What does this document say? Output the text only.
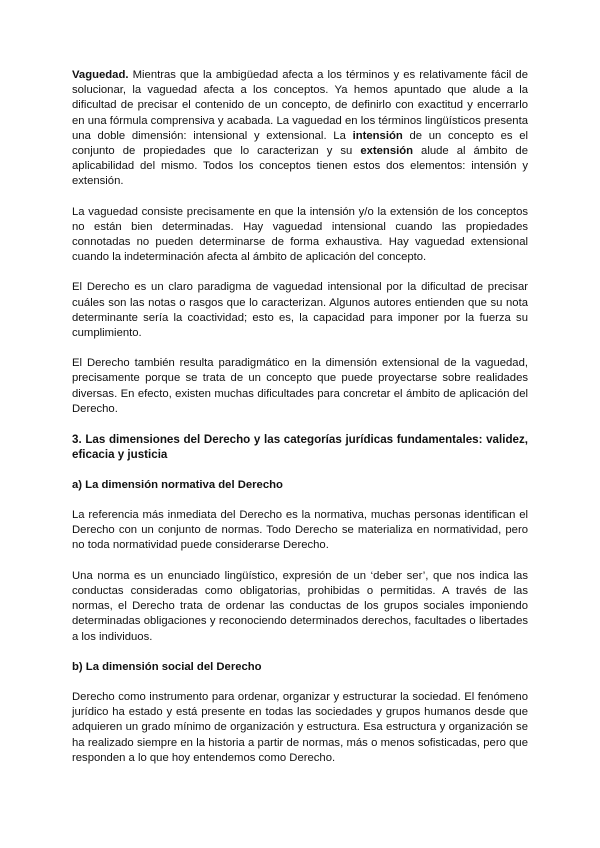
Vaguedad. Mientras que la ambigüedad afecta a los términos y es relativamente fácil de solucionar, la vaguedad afecta a los conceptos. Ya hemos apuntado que alude a la dificultad de precisar el contenido de un concepto, de definirlo con exactitud y encerrarlo en una fórmula comprensiva y acabada. La vaguedad en los términos lingüísticos presenta una doble dimensión: intensional y extensional. La intensión de un concepto es el conjunto de propiedades que lo caracterizan y su extensión alude al ámbito de aplicabilidad del mismo. Todos los conceptos tienen estos dos elementos: intensión y extensión.

La vaguedad consiste precisamente en que la intensión y/o la extensión de los conceptos no están bien determinadas. Hay vaguedad intensional cuando las propiedades connotadas no pueden determinarse de forma exhaustiva. Hay vaguedad extensional cuando la indeterminación afecta al ámbito de aplicación del concepto.

El Derecho es un claro paradigma de vaguedad intensional por la dificultad de precisar cuáles son las notas o rasgos que lo caracterizan. Algunos autores entienden que su nota determinante sería la coactividad; esto es, la capacidad para imponer por la fuerza su cumplimiento.

El Derecho también resulta paradigmático en la dimensión extensional de la vaguedad, precisamente porque se trata de un concepto que puede proyectarse sobre realidades diversas. En efecto, existen muchas dificultades para concretar el ámbito de aplicación del Derecho.

3. Las dimensiones del Derecho y las categorías jurídicas fundamentales: validez, eficacia y justicia

a) La dimensión normativa del Derecho

La referencia más inmediata del Derecho es la normativa, muchas personas identifican el Derecho con un conjunto de normas. Todo Derecho se materializa en normatividad, pero no toda normatividad puede considerarse Derecho.

Una norma es un enunciado lingüístico, expresión de un ‘deber ser’, que nos indica las conductas consideradas como obligatorias, prohibidas o permitidas. A través de las normas, el Derecho trata de ordenar las conductas de los grupos sociales imponiendo determinadas obligaciones y reconociendo determinados derechos, facultades o libertades a los individuos.

b) La dimensión social del Derecho

Derecho como instrumento para ordenar, organizar y estructurar la sociedad. El fenómeno jurídico ha estado y está presente en todas las sociedades y grupos humanos desde que adquieren un grado mínimo de organización y estructura. Esa estructura y organización se ha realizado siempre en la historia a partir de normas, más o menos sofisticadas, pero que responden a lo que hoy entendemos como Derecho.
